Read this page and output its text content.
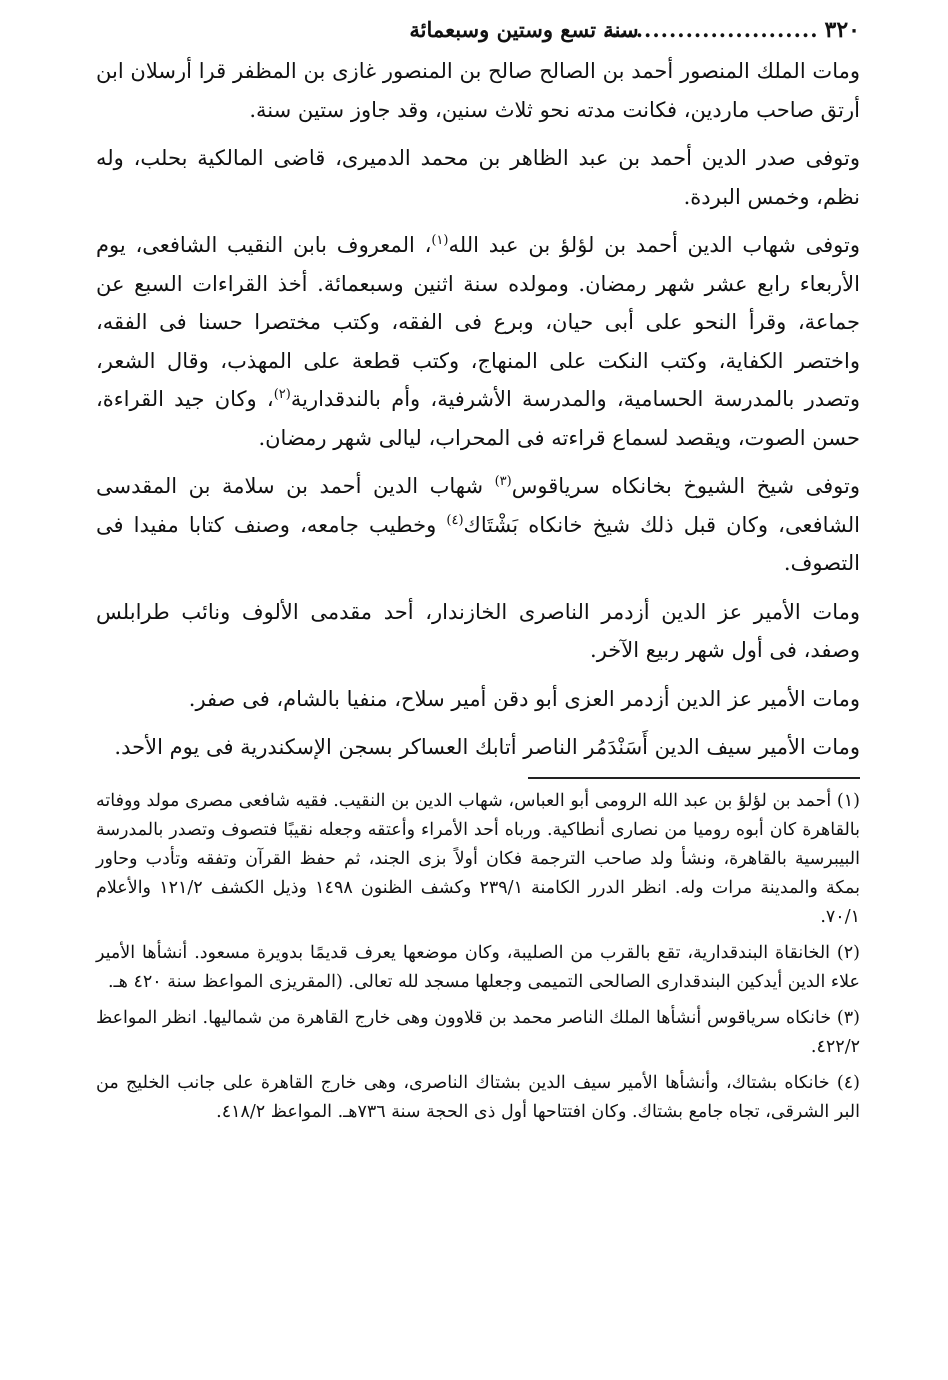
٣٢٠
..........................
سنة تسع وستين وسبعمائة

ومات الملك المنصور أحمد بن الصالح صالح بن المنصور غازى بن المظفر قرا أرسلان ابن أرتق صاحب ماردين، فكانت مدته نحو ثلاث سنين، وقد جاوز ستين سنة.

وتوفى صدر الدين أحمد بن عبد الظاهر بن محمد الدميرى، قاضى المالكية بحلب، وله نظم، وخمس البردة.

وتوفى شهاب الدين أحمد بن لؤلؤ بن عبد الله$^{(١)}$، المعروف بابن النقيب الشافعى، يوم الأربعاء رابع عشر شهر رمضان. ومولده سنة اثنين وسبعمائة. أخذ القراءات السبع عن جماعة، وقرأ النحو على أبى حيان، وبرع فى الفقه، وكتب مختصرا حسنا فى الفقه، واختصر الكفاية، وكتب النكت على المنهاج، وكتب قطعة على المهذب، وقال الشعر، وتصدر بالمدرسة الحسامية، والمدرسة الأشرفية، وأم بالندقدارية$^{(٢)}$، وكان جيد القراءة، حسن الصوت، ويقصد لسماع قراءته فى المحراب، ليالى شهر رمضان.

وتوفى شيخ الشيوخ بخانكاه سرياقوس$^{(٣)}$ شهاب الدين أحمد بن سلامة بن المقدسى الشافعى، وكان قبل ذلك شيخ خانكاه بَشْتَاك$^{(٤)}$ وخطيب جامعه، وصنف كتابا مفيدا فى التصوف.

ومات الأمير عز الدين أزدمر الناصرى الخازندار، أحد مقدمى الألوف ونائب طرابلس وصفد، فى أول شهر ربيع الآخر.

ومات الأمير عز الدين أزدمر العزى أبو دقن أمير سلاح، منفيا بالشام، فى صفر.

ومات الأمير سيف الدين أَسَنْدَمُر الناصر أتابك العساكر بسجن الإسكندرية فى يوم الأحد.

(١) أحمد بن لؤلؤ بن عبد الله الرومى أبو العباس، شهاب الدين بن النقيب. فقيه شافعى مصرى مولد ووفاته بالقاهرة كان أبوه روميا من نصارى أنطاكية. ورباه أحد الأمراء وأعتقه وجعله نقيبًا فتصوف وتصدر بالمدرسة البيبرسية بالقاهرة، ونشأ ولد صاحب الترجمة فكان أولاً بزى الجند، ثم حفظ القرآن وتفقه وتأدب وحاور بمكة والمدينة مرات وله. انظر الدرر الكامنة ٢٣٩/١ وكشف الظنون ١٤٩٨ وذيل الكشف ١٢١/٢ والأعلام ٧٠/١.

(٢) الخانقاة البندقدارية، تقع بالقرب من الصليبة، وكان موضعها يعرف قديمًا بدويرة مسعود. أنشأها الأمير علاء الدين أيدكين البندقدارى الصالحى التميمى وجعلها مسجد لله تعالى. (المقريزى المواعظ سنة ٤٢٠ هـ.

(٣) خانكاه سرياقوس أنشأها الملك الناصر محمد بن قلاوون وهى خارج القاهرة من شماليها. انظر المواعظ ٤٢٢/٢.

(٤) خانكاه بشتاك، وأنشأها الأمير سيف الدين بشتاك الناصرى، وهى خارج القاهرة على جانب الخليج من البر الشرقى، تجاه جامع بشتاك. وكان افتتاحها أول ذى الحجة سنة ٧٣٦هـ. المواعظ ٤١٨/٢.
